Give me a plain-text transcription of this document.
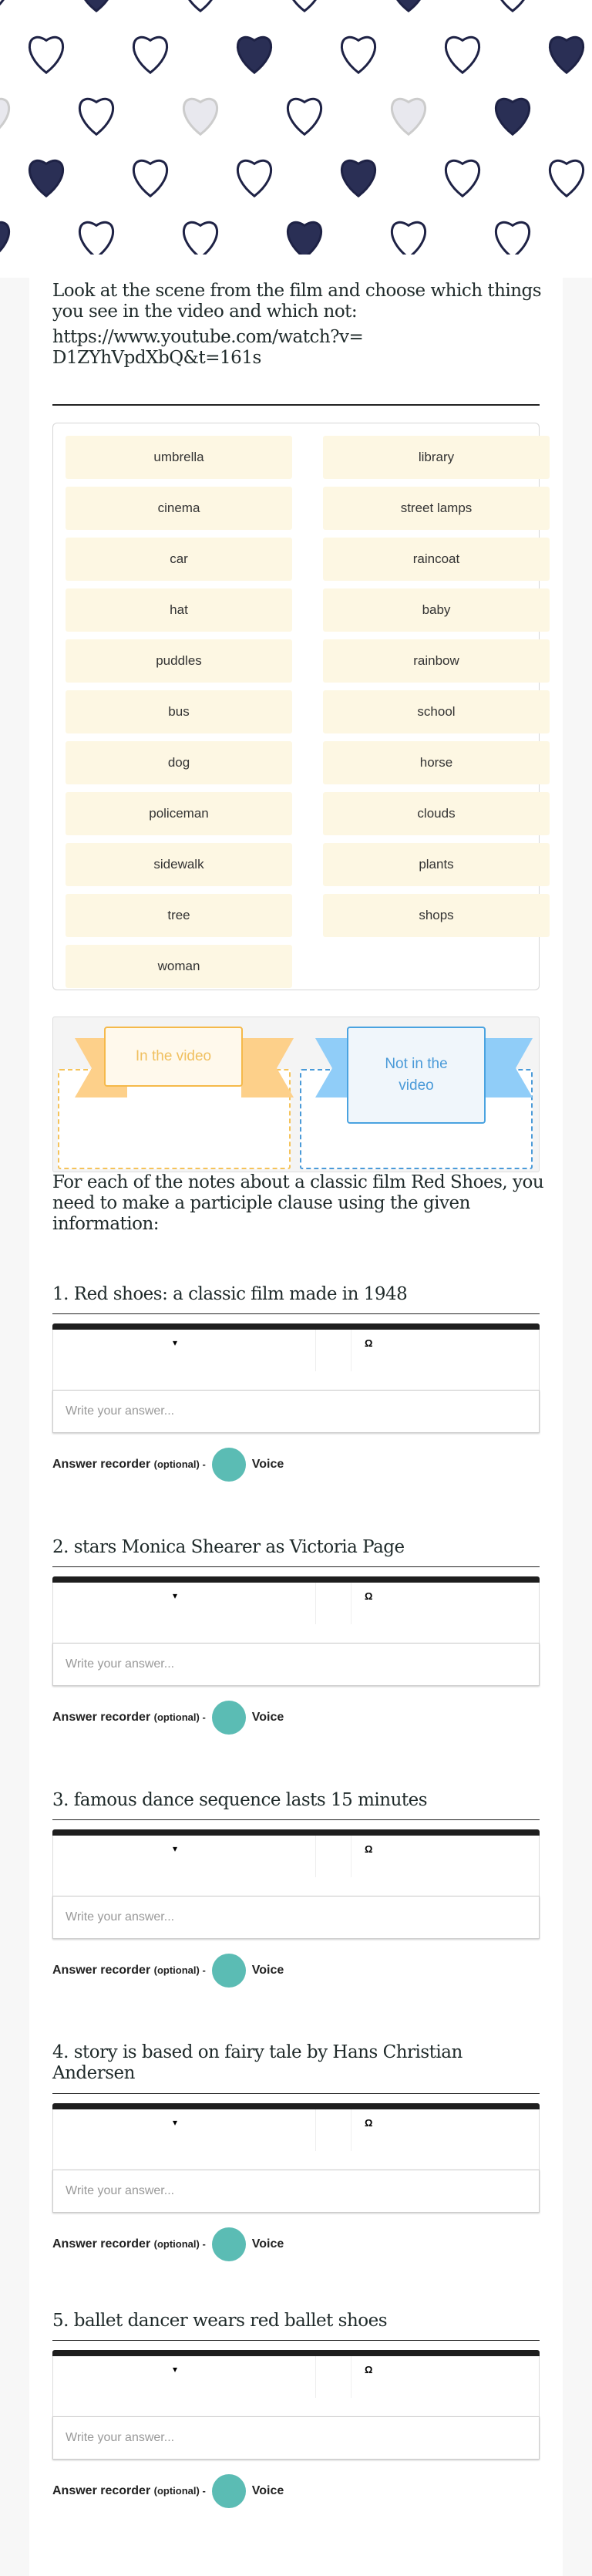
Look at the scene from the film and choose which things you see in the video and which not:
https://www.youtube.com/watch?v=D1ZYhVpdXbQ&t=161s
umbrella	library
cinema	street lamps
car	raincoat
hat	baby
puddles	rainbow
bus	school
dog	horse
policeman	clouds
sidewalk	plants
tree	shops
woman
In the video	Not in the video
For each of the notes about a classic film Red Shoes, you need to make a participle clause using the given information:
1. Red shoes: a classic film made in 1948
▾	Ω
Write your answer...
Answer recorder (optional) -	Voice
2. stars Monica Shearer as Victoria Page
▾	Ω
Write your answer...
Answer recorder (optional) -	Voice
3. famous dance sequence lasts 15 minutes
▾	Ω
Write your answer...
Answer recorder (optional) -	Voice
4. story is based on fairy tale by Hans Christian Andersen
▾	Ω
Write your answer...
Answer recorder (optional) -	Voice
5. ballet dancer wears red ballet shoes
▾	Ω
Write your answer...
Answer recorder (optional) -	Voice
